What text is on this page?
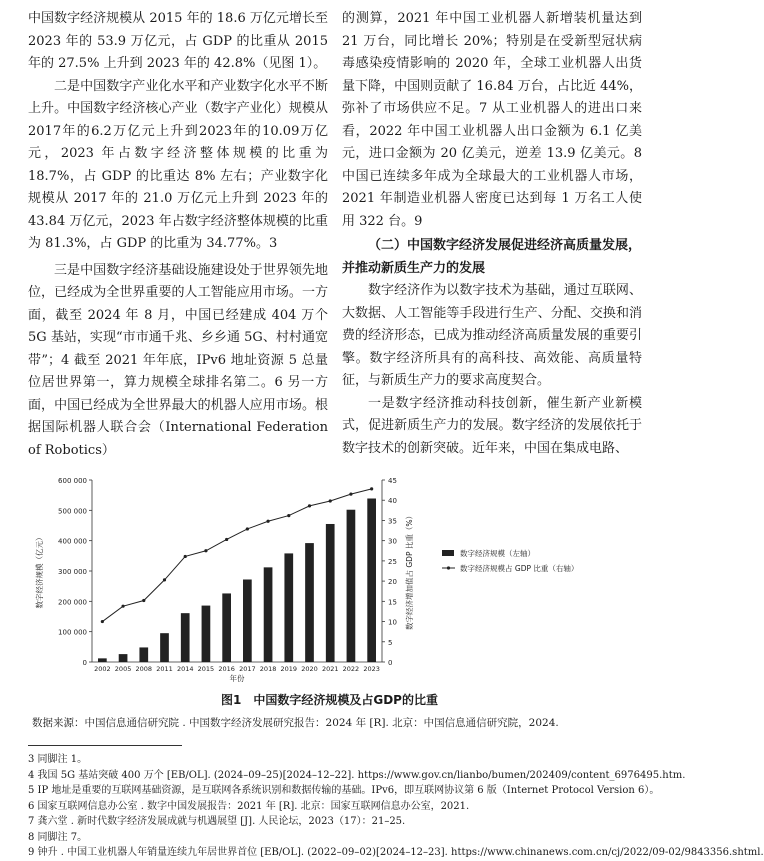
中国数字经济规模从 2015 年的 18.6 万亿元增长至 2023 年的 53.9 万亿元，占 GDP 的比重从 2015 年的 27.5% 上升到 2023 年的 42.8%（见图 1）。

二是中国数字产业化水平和产业数字化水平不断上升。中国数字经济核心产业（数字产业化）规模从2017年的6.2万亿元上升到2023年的10.09万亿元，2023 年占数字经济整体规模的比重为 18.7%，占 GDP 的比重达 8% 左右；产业数字化规模从 2017 年的 21.0 万亿元上升到 2023 年的 43.84 万亿元，2023 年占数字经济整体规模的比重为 81.3%，占 GDP 的比重为 34.77%。3

三是中国数字经济基础设施建设处于世界领先地位，已经成为全世界重要的人工智能应用市场。一方面，截至 2024 年 8 月，中国已经建成 404 万个 5G 基站，实现“市市通千兆、乡乡通 5G、村村通宽带”；4 截至 2021 年年底，IPv6 地址资源 5 总量位居世界第一，算力规模全球排名第二。6 另一方面，中国已经成为全世界最大的机器人应用市场。根据国际机器人联合会（International Federation of Robotics）

的测算，2021 年中国工业机器人新增装机量达到 21 万台，同比增长 20%；特别是在受新型冠状病毒感染疫情影响的 2020 年，全球工业机器人出货量下降，中国则贡献了 16.84 万台，占比近 44%，弥补了市场供应不足。7 从工业机器人的进出口来看，2022 年中国工业机器人出口金额为 6.1 亿美元，进口金额为 20 亿美元，逆差 13.9 亿美元。8 中国已连续多年成为全球最大的工业机器人市场，2021 年制造业机器人密度已达到每 1 万名工人使用 322 台。9

（二）中国数字经济发展促进经济高质量发展，并推动新质生产力的发展

数字经济作为以数字技术为基础，通过互联网、大数据、人工智能等手段进行生产、分配、交换和消费的经济形态，已成为推动经济高质量发展的重要引擎。数字经济所具有的高科技、高效能、高质量特征，与新质生产力的要求高度契合。

一是数字经济推动科技创新，催生新产业新模式，促进新质生产力的发展。数字经济的发展依托于数字技术的创新突破。近年来，中国在集成电路、

0
100 000
200 000
300 000
400 000
500 000
600 000
0
5
10
15
20
25
30
35
40
45
2002 2005 2008 2011 2014 2015 2016 2017 2018 2019 2020 2021 2022 2023
年份
数字经济规模（亿元）	数字经济增加值占 GDP 比重（%）	数字经济规模（左轴）
数字经济规模占 GDP 比重（右轴）
图1　中国数字经济规模及占GDP的比重
数据来源：中国信息通信研究院 . 中国数字经济发展研究报告：2024 年 [R]. 北京：中国信息通信研究院，2024.

3 同脚注 1。

4 我国 5G 基站突破 400 万个 [EB/OL]. (2024–09–25)[2024–12–22]. https://www.gov.cn/lianbo/bumen/202409/content_6976495.htm.

5 IP 地址是重要的互联网基础资源，是互联网各系统识别和数据传输的基础。IPv6，即互联网协议第 6 版（Internet Protocol Version 6）。

6 国家互联网信息办公室 . 数字中国发展报告：2021 年 [R]. 北京：国家互联网信息办公室，2021.

7 龚六堂 . 新时代数字经济发展成就与机遇展望 [J]. 人民论坛，2023（17）：21–25.

8 同脚注 7。

9 钟升 . 中国工业机器人年销量连续九年居世界首位 [EB/OL]. (2022–09–02)[2024–12–23]. https://www.chinanews.com.cn/cj/2022/09-02/9843356.shtml.
